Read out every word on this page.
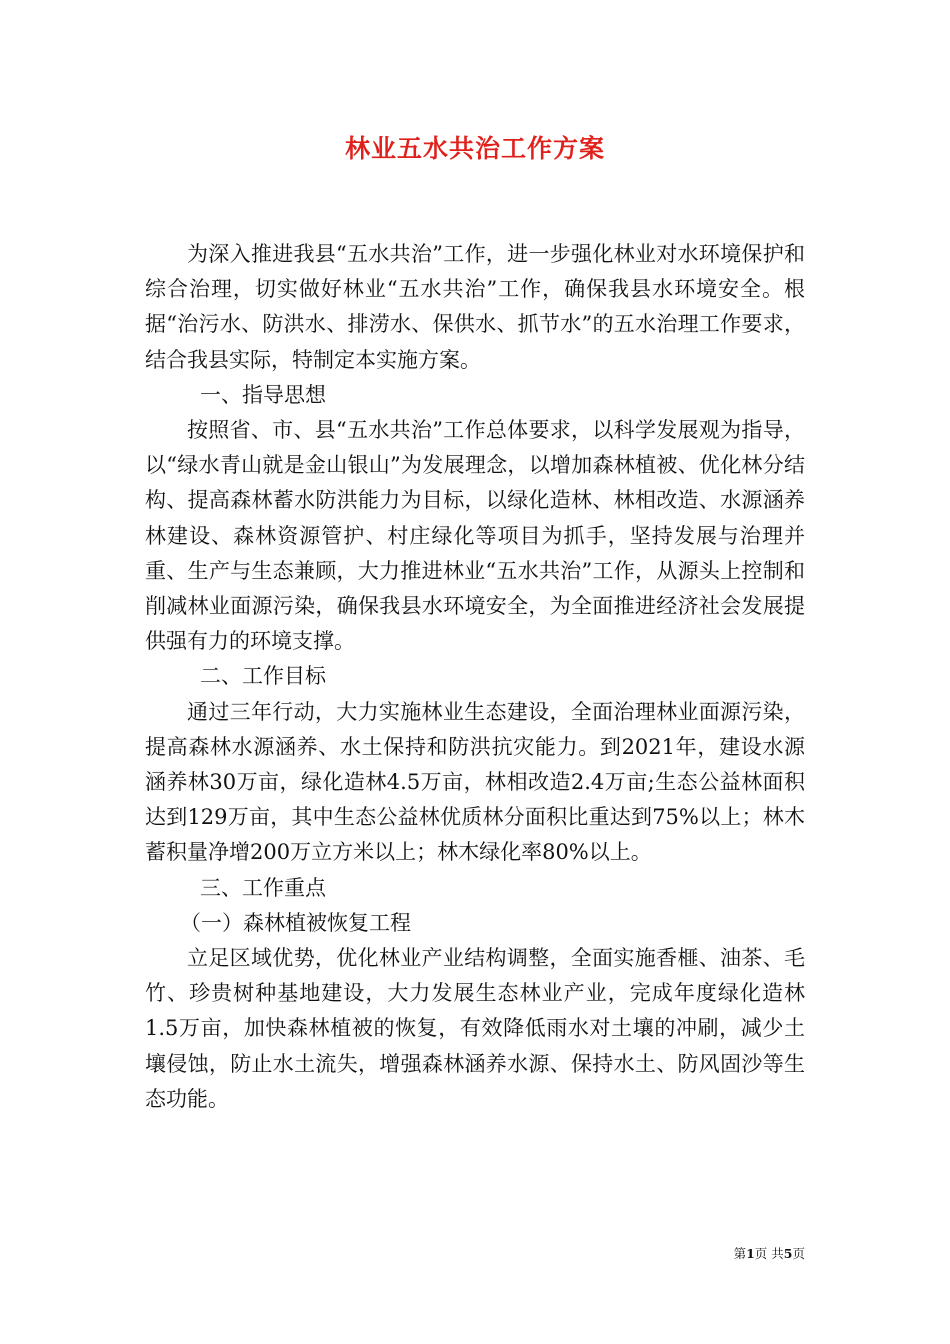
林业五水共治工作方案

为深入推进我县“五水共治”工作，进一步强化林业对水环境保护和综合治理，切实做好林业“五水共治”工作，确保我县水环境安全。根据“治污水、防洪水、排涝水、保供水、抓节水”的五水治理工作要求，结合我县实际，特制定本实施方案。

一、指导思想

按照省、市、县“五水共治”工作总体要求，以科学发展观为指导，以“绿水青山就是金山银山”为发展理念，以增加森林植被、优化林分结构、提高森林蓄水防洪能力为目标，以绿化造林、林相改造、水源涵养林建设、森林资源管护、村庄绿化等项目为抓手，坚持发展与治理并重、生产与生态兼顾，大力推进林业“五水共治”工作，从源头上控制和削减林业面源污染，确保我县水环境安全，为全面推进经济社会发展提供强有力的环境支撑。

二、工作目标

通过三年行动，大力实施林业生态建设，全面治理林业面源污染，提高森林水源涵养、水土保持和防洪抗灾能力。到2021年，建设水源涵养林30万亩，绿化造林4.5万亩，林相改造2.4万亩;生态公益林面积达到129万亩，其中生态公益林优质林分面积比重达到75%以上；林木蓄积量净增200万立方米以上；林木绿化率80%以上。

三、工作重点

（一）森林植被恢复工程

立足区域优势，优化林业产业结构调整，全面实施香榧、油茶、毛竹、珍贵树种基地建设，大力发展生态林业产业，完成年度绿化造林1.5万亩，加快森林植被的恢复，有效降低雨水对土壤的冲刷，减少土壤侵蚀，防止水土流失，增强森林涵养水源、保持水土、防风固沙等生态功能。

第1页 共5页
